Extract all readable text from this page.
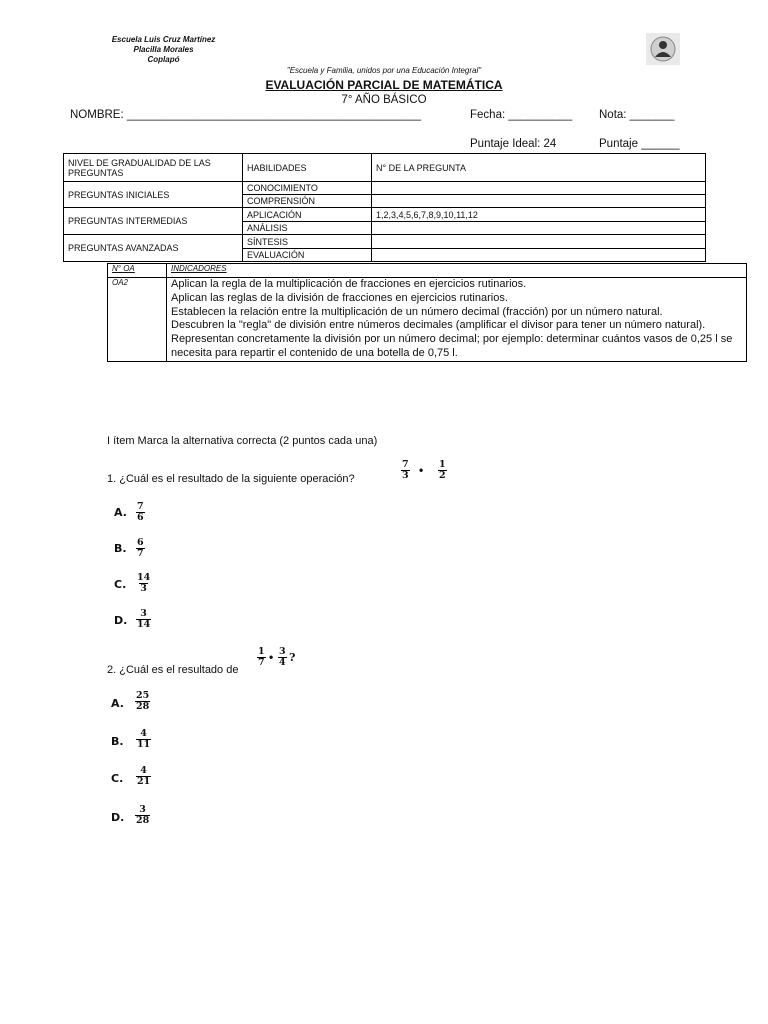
Escuela Luis Cruz Martínez
Placilla Morales
Coplapó
"Escuela y Familia, unidos por una Educación Integral"
EVALUACIÓN PARCIAL DE MATEMÁTICA
7° AÑO BÁSICO
NOMBRE: ______________________________________________	Fecha: __________ Nota: _______
Puntaje Ideal: 24	Puntaje ______
NIVEL DE GRADUALIDAD DE LAS PREGUNTAS	HABILIDADES	N° DE LA PREGUNTA
PREGUNTAS INICIALES	CONOCIMIENTO	
	COMPRENSIÓN	
PREGUNTAS INTERMEDIAS	APLICACIÓN	1,2,3,4,5,6,7,8,9,10,11,12
	ANÁLISIS	
PREGUNTAS AVANZADAS	SÍNTESIS	
	EVALUACIÓN	
N° OA	INDICADORES
OA2	Aplican la regla de la multiplicación de fracciones en ejercicios rutinarios.
Aplican las reglas de la división de fracciones en ejercicios rutinarios.
Establecen la relación entre la multiplicación de un número decimal (fracción) por un número natural.
Descubren la "regla" de división entre números decimales (amplificar el divisor para tener un número natural).
Representan concretamente la división por un número decimal; por ejemplo: determinar cuántos vasos de 0,25 l se necesita para repartir el contenido de una botella de 0,75 l.
I ítem Marca la alternativa correcta (2 puntos cada una)
1. ¿Cuál es el resultado de la siguiente operación?	$\frac{7}{3}$ • $\frac{1}{2}$
A. $\frac{7}{6}$
B. $\frac{6}{7}$
C. $\frac{14}{3}$
D. $\frac{3}{14}$
2. ¿Cuál es el resultado de
$\frac{1}{7}$ • $\frac{3}{4}$ ?
A. $\frac{25}{28}$
B. $\frac{4}{11}$
C. $\frac{4}{21}$
D. $\frac{3}{28}$
